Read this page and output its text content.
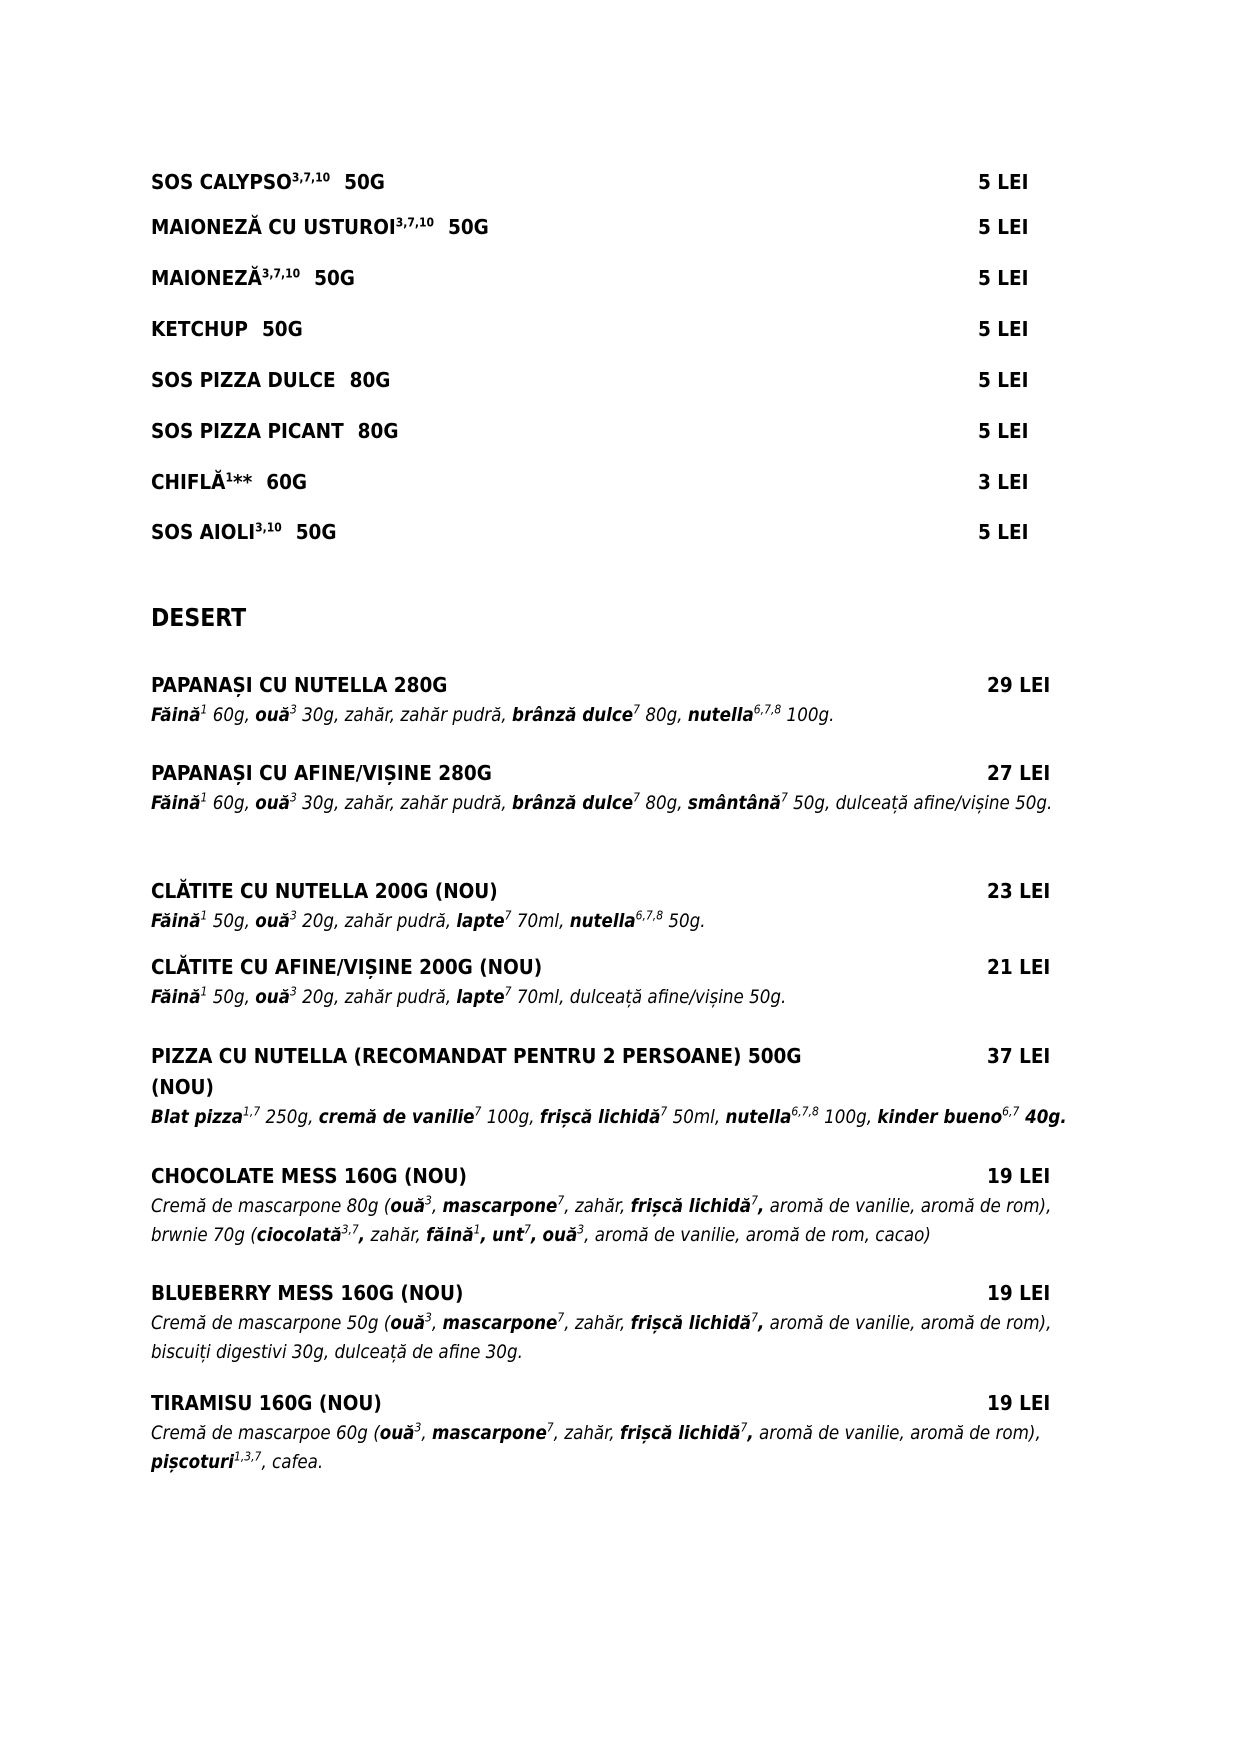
SOS CALYPSO$^{3,7,10}$ 50G	5 LEI
MAIONEZĂ CU USTUROI$^{3,7,10}$ 50G	5 LEI
MAIONEZĂ$^{3,7,10}$ 50G	5 LEI
KETCHUP 50G	5 LEI
SOS PIZZA DULCE 80G	5 LEI
SOS PIZZA PICANT 80G	5 LEI
CHIFLĂ$^1$** 60G	3 LEI
SOS AIOLI$^{3,10}$ 50G	5 LEI
DESERT
PAPANAȘI CU NUTELLA 280G	29 LEI
Făină$^1$ 60g, ouă$^3$ 30g, zahăr, zahăr pudră, brânză dulce$^7$ 80g, nutella$^{6,7,8}$ 100g.
PAPANAȘI CU AFINE/VIȘINE 280G	27 LEI
Făină$^1$ 60g, ouă$^3$ 30g, zahăr, zahăr pudră, brânză dulce$^7$ 80g, smântână$^7$ 50g, dulceață afine/vișine 50g.
CLĂTITE CU NUTELLA 200G (NOU)	23 LEI
Făină$^1$ 50g, ouă$^3$ 20g, zahăr pudră, lapte$^7$ 70ml, nutella$^{6,7,8}$ 50g.
CLĂTITE CU AFINE/VIȘINE 200G (NOU)	21 LEI
Făină$^1$ 50g, ouă$^3$ 20g, zahăr pudră, lapte$^7$ 70ml, dulceață afine/vișine 50g.
PIZZA CU NUTELLA (RECOMANDAT PENTRU 2 PERSOANE) 500G	37 LEI
(NOU)
Blat pizza$^{1,7}$ 250g, cremă de vanilie$^7$ 100g, frișcă lichidă$^7$ 50ml, nutella$^{6,7,8}$ 100g, kinder bueno$^{6,7}$ 40g.
CHOCOLATE MESS 160G (NOU)	19 LEI
Cremă de mascarpone 80g (ouă$^3$, mascarpone$^7$, zahăr, frișcă lichidă$^7$, aromă de vanilie, aromă de rom), brwnie 70g (ciocolată$^{3,7}$, zahăr, făină$^1$, unt$^7$, ouă$^3$, aromă de vanilie, aromă de rom, cacao)
BLUEBERRY MESS 160G (NOU)	19 LEI
Cremă de mascarpone 50g (ouă$^3$, mascarpone$^7$, zahăr, frișcă lichidă$^7$, aromă de vanilie, aromă de rom), biscuiți digestivi 30g, dulceață de afine 30g.
TIRAMISU 160G (NOU)	19 LEI
Cremă de mascarpoe 60g (ouă$^3$, mascarpone$^7$, zahăr, frișcă lichidă$^7$, aromă de vanilie, aromă de rom), pișcoturi$^{1,3,7}$, cafea.
